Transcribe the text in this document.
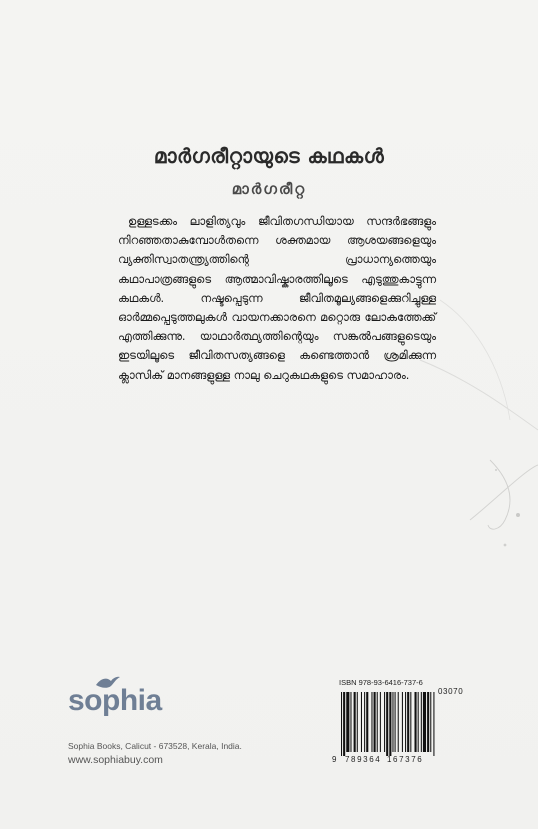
മാർഗരീറ്റായുടെ കഥകൾ
മാർഗരീറ്റ

ഉള്ളടക്കം ലാളിത്യവും ജീവിതഗന്ധിയായ സന്ദർഭങ്ങളും നിറഞ്ഞതാകുമ്പോൾതന്നെ ശക്തമായ ആശയങ്ങളെയും വ്യക്തിസ്വാതന്ത്ര്യത്തിന്റെ പ്രാധാന്യത്തെയും കഥാപാത്രങ്ങളുടെ ആത്മാവിഷ്കാരത്തിലൂടെ എടുത്തുകാട്ടുന്ന കഥകൾ. നഷ്ടപ്പെടുന്ന ജീവിതമൂല്യങ്ങളെക്കുറിച്ചുള്ള ഓർമ്മപ്പെടുത്തലുകൾ വായനക്കാരനെ മറ്റൊരു ലോകത്തേക്ക് എത്തിക്കുന്നു. യാഥാർത്ഥ്യത്തിന്റെയും സങ്കൽപങ്ങളുടെയും ഇടയിലൂടെ ജീവിതസത്യങ്ങളെ കണ്ടെത്താൻ ശ്രമിക്കുന്ന ക്ലാസിക് മാനങ്ങളുള്ള നാലു ചെറുകഥകളുടെ സമാഹാരം.

sophia
Sophia Books, Calicut - 673528, Kerala, India.
www.sophiabuy.com
ISBN 978-93-6416-737-6
03070
9 789364 167376
